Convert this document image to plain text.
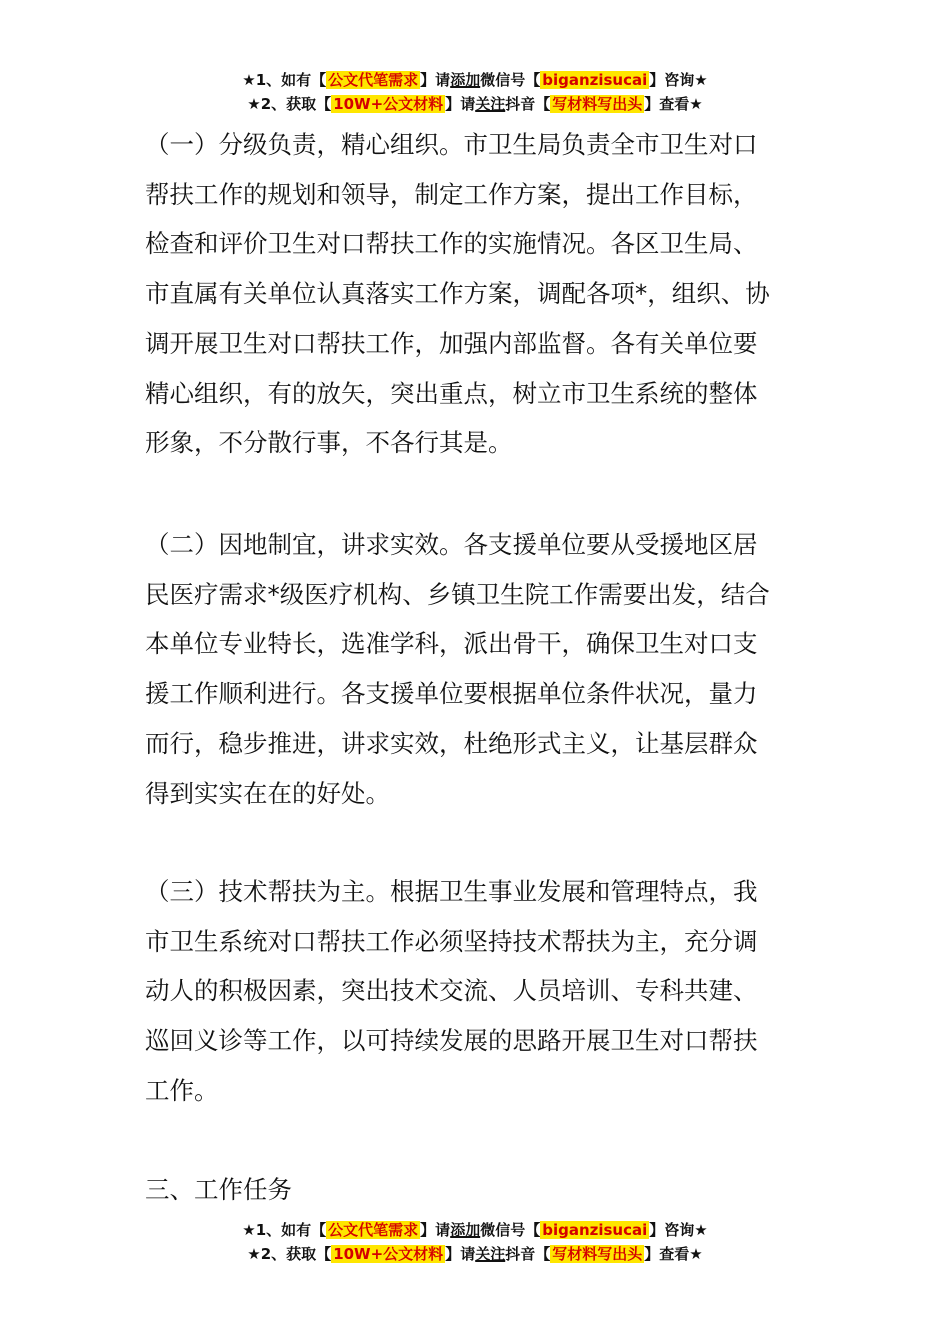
★1、如有【 公文代笔需求 】请添加微信号【 biganzisucai 】咨询★
★2、获取【 10W+公文材料 】请关注抖音【 写材料写出头 】查看★
（一）分级负责，精心组织。市卫生局负责全市卫生对口
帮扶工作的规划和领导，制定工作方案，提出工作目标，
检查和评价卫生对口帮扶工作的实施情况。各区卫生局、
市直属有关单位认真落实工作方案，调配各项*，组织、协
调开展卫生对口帮扶工作，加强内部监督。各有关单位要
精心组织，有的放矢，突出重点，树立市卫生系统的整体
形象，不分散行事，不各行其是。
（二）因地制宜，讲求实效。各支援单位要从受援地区居
民医疗需求*级医疗机构、乡镇卫生院工作需要出发，结合
本单位专业特长，选准学科，派出骨干，确保卫生对口支
援工作顺利进行。各支援单位要根据单位条件状况，量力
而行，稳步推进，讲求实效，杜绝形式主义，让基层群众
得到实实在在的好处。
（三）技术帮扶为主。根据卫生事业发展和管理特点，我
市卫生系统对口帮扶工作必须坚持技术帮扶为主，充分调
动人的积极因素，突出技术交流、人员培训、专科共建、
巡回义诊等工作，以可持续发展的思路开展卫生对口帮扶
工作。
三、工作任务
★1、如有【 公文代笔需求 】请添加微信号【 biganzisucai 】咨询★
★2、获取【 10W+公文材料 】请关注抖音【 写材料写出头 】查看★
